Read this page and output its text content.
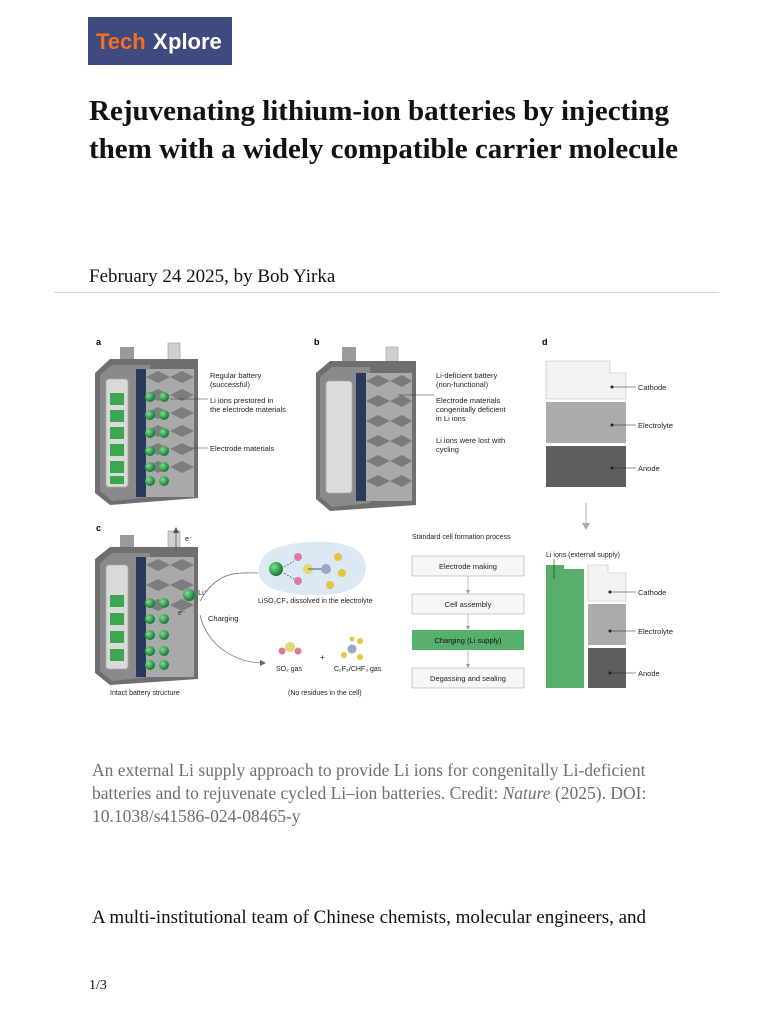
Tech X plore
Rejuvenating lithium-ion batteries by injecting them with a widely compatible carrier molecule
February 24 2025, by Bob Yirka
a
Regular battery
(successful)
Li ions prestored in
the electrode materials
Electrode materials
b
Li-deficient battery
(non-functional)
Electrode materials
congenitally deficient
in Li ions
Li ions were lost with
cycling
d
Cathode
Electrolyte
Anode
c
e⁻
e⁻
Li⁺
LiSO₂CF₃ dissolved in the electrolyte
Charging
SO₂ gas
+
C₂F₆/CHF₃ gas
Intact battery structure	(No residues in the cell)
Standard cell formation process
Electrode making
Cell assembly
Charging (Li supply)
Degassing and sealing
Li ions (external supply)
Cathode
Electrolyte
Anode

An external Li supply approach to provide Li ions for congenitally Li-deficient batteries and to rejuvenate cycled Li–ion batteries. Credit: Nature (2025). DOI: 10.1038/s41586-024-08465-y

A multi-institutional team of Chinese chemists, molecular engineers, and

1/3
